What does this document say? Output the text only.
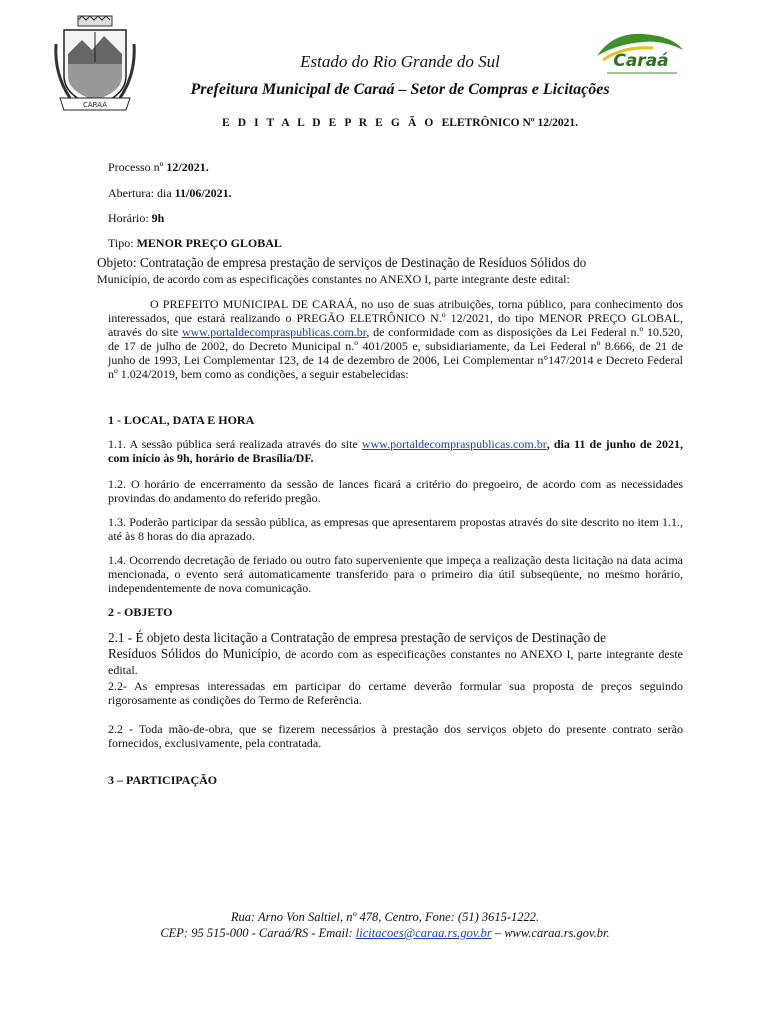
CARAÁ
Caraá
Estado do Rio Grande do Sul
Prefeitura Municipal de Caraá – Setor de Compras e Licitações
E D I T A L D E P R E G Ã O ELETRÔNICO Nº 12/2021.
Processo nº 12/2021.
Abertura: dia 11/06/2021.
Horário: 9h
Tipo: MENOR PREÇO GLOBAL
Objeto: Contratação de empresa prestação de serviços de Destinação de Resíduos Sólidos do
Município, de acordo com as especificações constantes no ANEXO I, parte integrante deste edital:
O PREFEITO MUNICIPAL DE CARAÁ, no uso de suas atribuições, torna público, para conhecimento dos interessados, que estará realizando o PREGÃO ELETRÔNICO N.º 12/2021, do tipo MENOR PREÇO GLOBAL, através do site www.portaldecompraspublicas.com.br, de conformidade com as disposições da Lei Federal n.º 10.520, de 17 de julho de 2002, do Decreto Municipal n.º 401/2005 e, subsidiariamente, da Lei Federal nº 8.666, de 21 de junho de 1993, Lei Complementar 123, de 14 de dezembro de 2006, Lei Complementar n°147/2014 e Decreto Federal nº 1.024/2019, bem como as condições, a seguir estabelecidas:
1 - LOCAL, DATA E HORA
1.1. A sessão pública será realizada através do site www.portaldecompraspublicas.com.br, dia 11 de junho de 2021, com início às 9h, horário de Brasília/DF.
1.2. O horário de encerramento da sessão de lances ficará a critério do pregoeiro, de acordo com as necessidades provindas do andamento do referido pregão.
1.3. Poderão participar da sessão pública, as empresas que apresentarem propostas através do site descrito no item 1.1., até às 8 horas do dia aprazado.
1.4. Ocorrendo decretação de feriado ou outro fato superveniente que impeça a realização desta licitação na data acima mencionada, o evento será automaticamente transferido para o primeiro dia útil subseqüente, no mesmo horário, independentemente de nova comunicação.
2 - OBJETO
2.1 - É objeto desta licitação a Contratação de empresa prestação de serviços de Destinação de
Resíduos Sólidos do Município, de acordo com as especificações constantes no ANEXO I, parte integrante deste edital.
2.2- As empresas interessadas em participar do certame deverão formular sua proposta de preços seguindo rigorosamente as condições do Termo de Referência.
2.2 - Toda mão-de-obra, que se fizerem necessários à prestação dos serviços objeto do presente contrato serão fornecidos, exclusivamente, pela contratada.
3 – PARTICIPAÇÃO
Rua: Arno Von Saltiel, nº 478, Centro, Fone: (51) 3615-1222.
CEP: 95 515-000 - Caraá/RS - Email: licitacoes@caraa.rs.gov.br – www.caraa.rs.gov.br.
